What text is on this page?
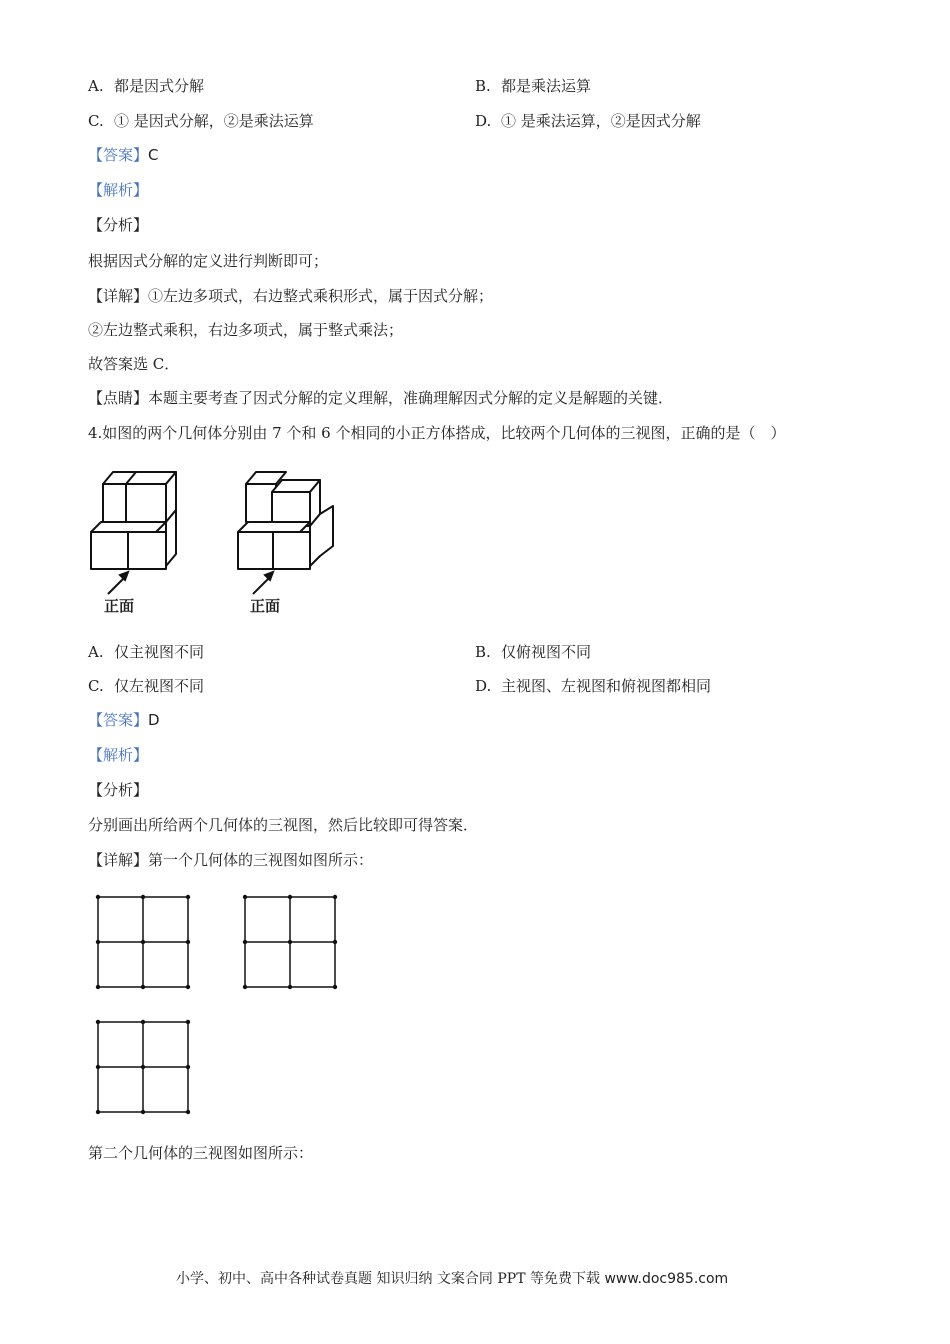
A. 都是因式分解	B. 都是乘法运算
C. ① 是因式分解，②是乘法运算	D. ① 是乘法运算，②是因式分解
【答案】C
【解析】
【分析】
根据因式分解的定义进行判断即可；
【详解】①左边多项式，右边整式乘积形式，属于因式分解；
②左边整式乘积，右边多项式，属于整式乘法；
故答案选 C．
【点睛】本题主要考查了因式分解的定义理解，准确理解因式分解的定义是解题的关键．
4.如图的两个几何体分别由 7 个和 6 个相同的小正方体搭成，比较两个几何体的三视图，正确的是（　）
正面	正面
A. 仅主视图不同	B. 仅俯视图不同
C. 仅左视图不同	D. 主视图、左视图和俯视图都相同
【答案】D
【解析】
【分析】
分别画出所给两个几何体的三视图，然后比较即可得答案．
【详解】第一个几何体的三视图如图所示：
第二个几何体的三视图如图所示：
小学、初中、高中各种试卷真题 知识归纳 文案合同 PPT 等免费下载 www.doc985.com
